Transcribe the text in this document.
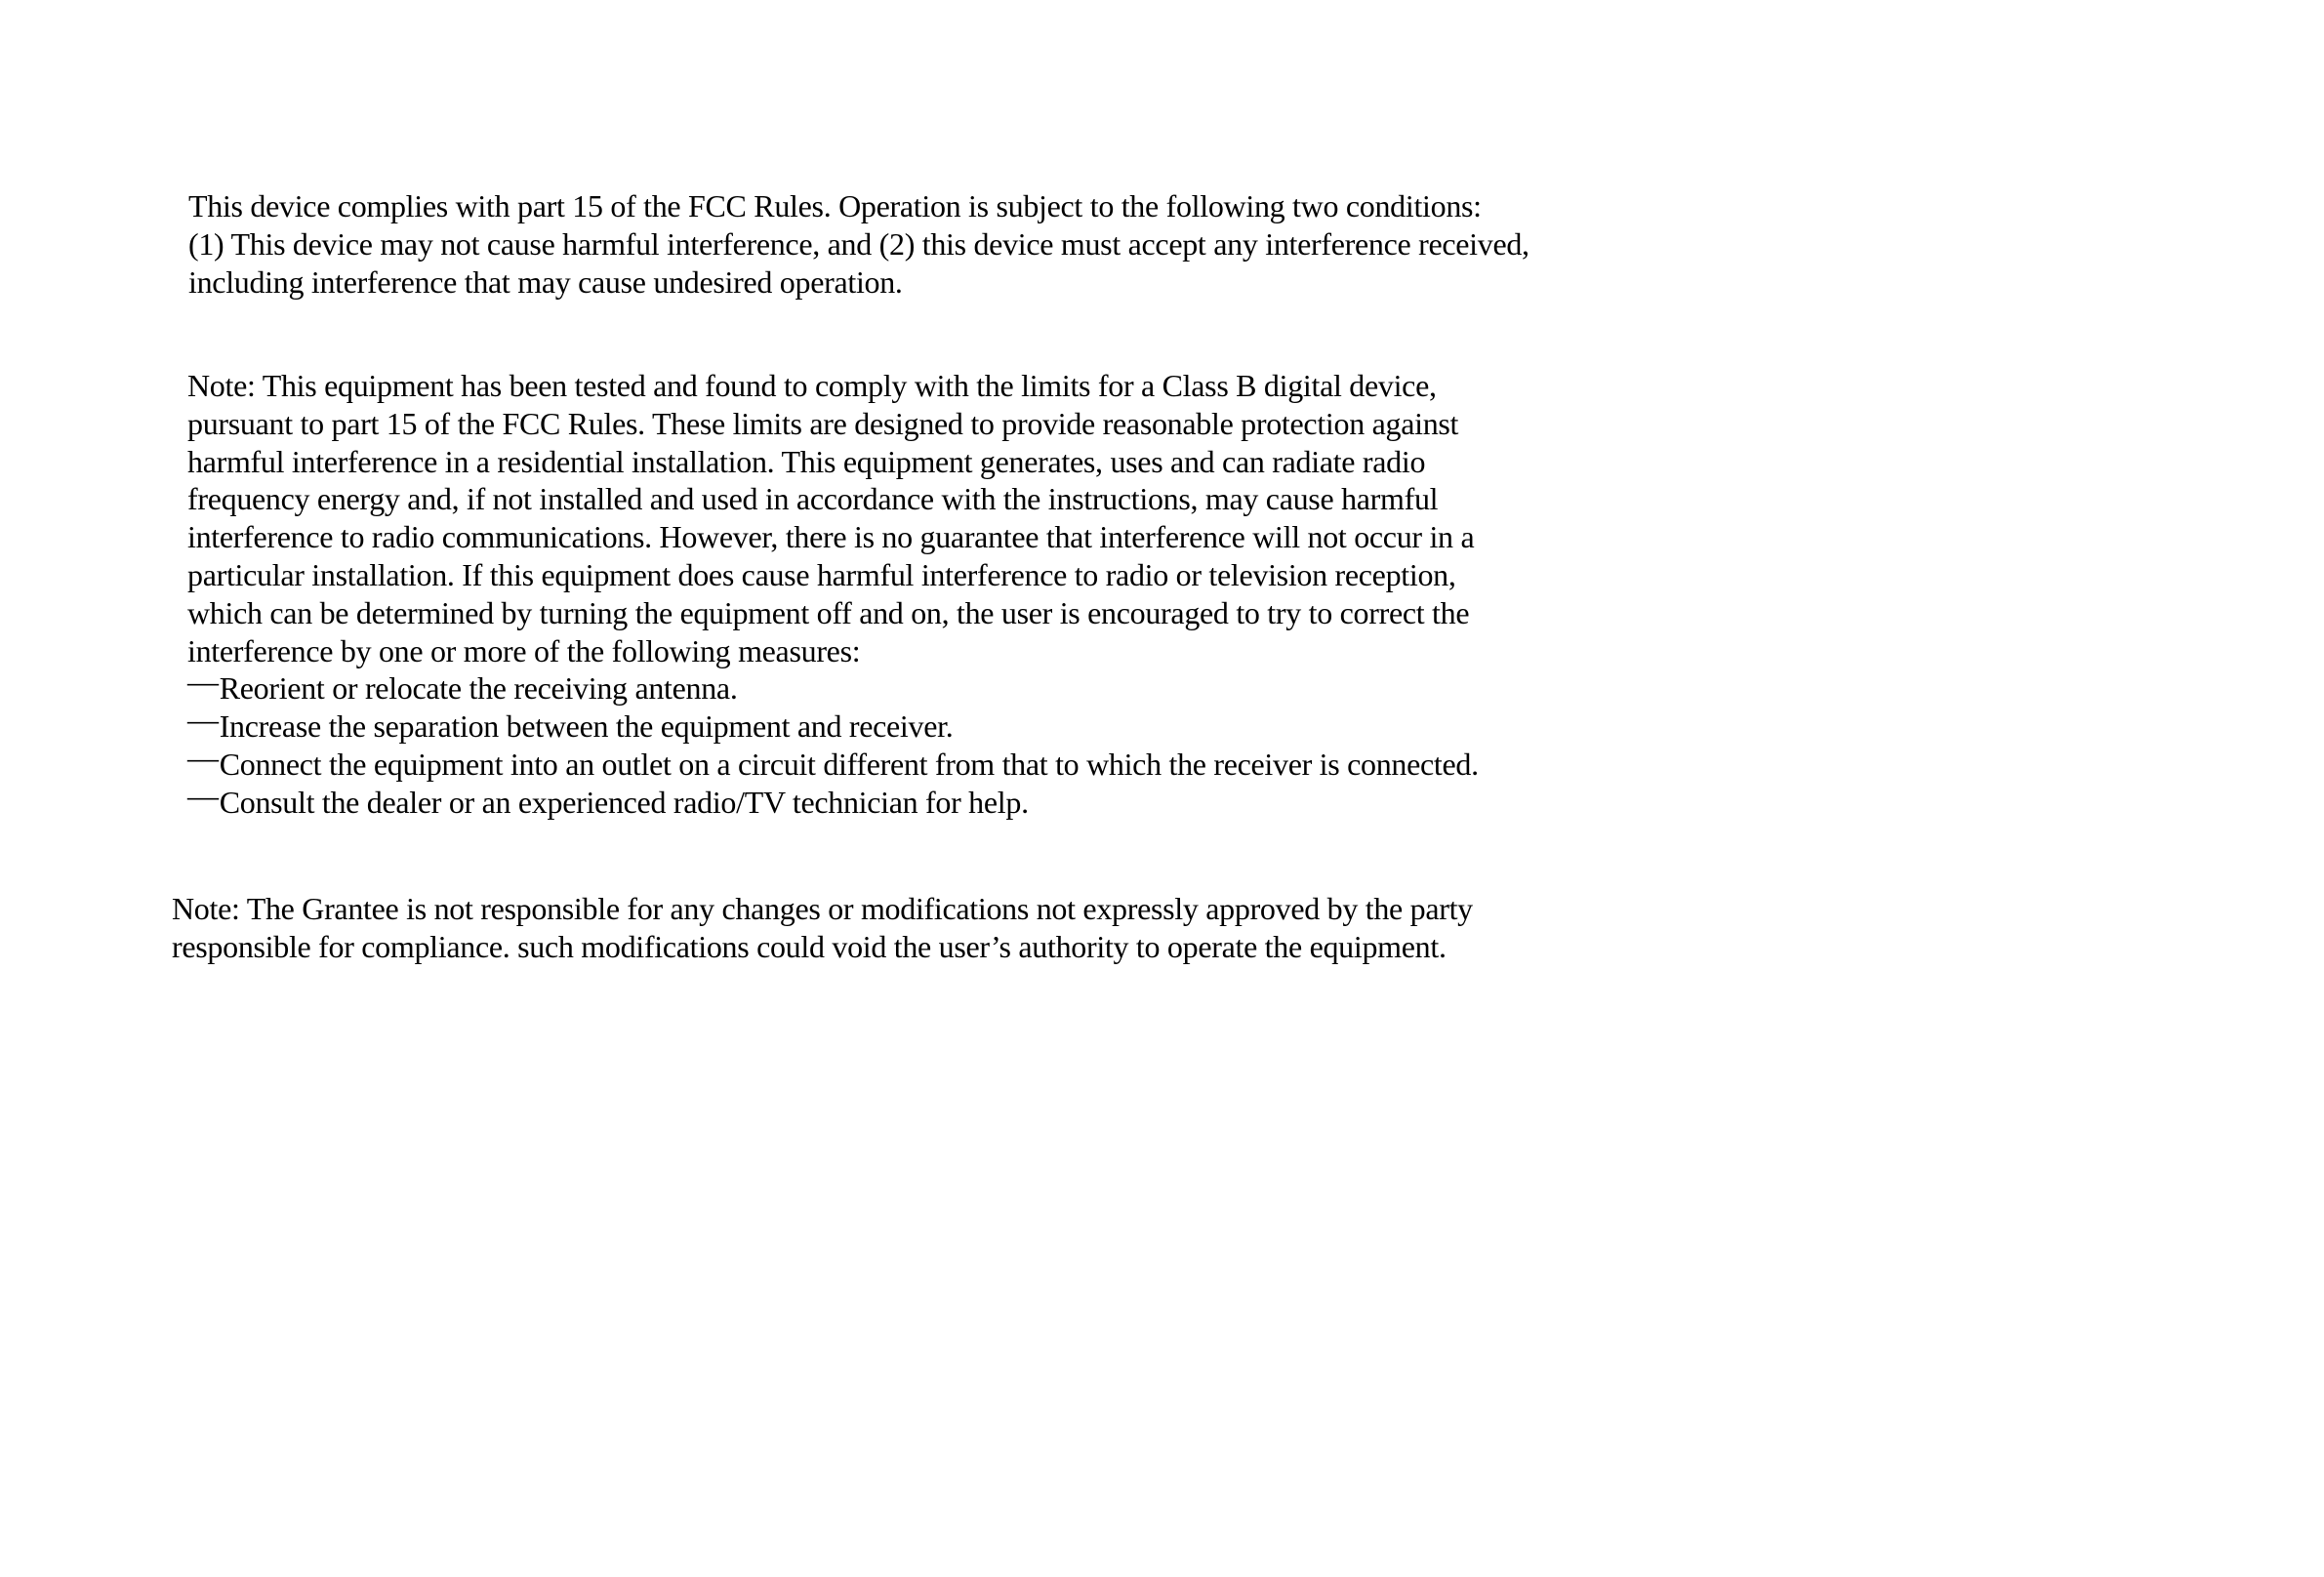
This device complies with part 15 of the FCC Rules. Operation is subject to the following two conditions:
(1) This device may not cause harmful interference, and (2) this device must accept any interference received,
including interference that may cause undesired operation.
Note: This equipment has been tested and found to comply with the limits for a Class B digital device,
pursuant to part 15 of the FCC Rules. These limits are designed to provide reasonable protection against
harmful interference in a residential installation. This equipment generates, uses and can radiate radio
frequency energy and, if not installed and used in accordance with the instructions, may cause harmful
interference to radio communications. However, there is no guarantee that interference will not occur in a
particular installation. If this equipment does cause harmful interference to radio or television reception,
which can be determined by turning the equipment off and on, the user is encouraged to try to correct the
interference by one or more of the following measures:
—Reorient or relocate the receiving antenna.
—Increase the separation between the equipment and receiver.
—Connect the equipment into an outlet on a circuit different from that to which the receiver is connected.
—Consult the dealer or an experienced radio/TV technician for help.
Note: The Grantee is not responsible for any changes or modifications not expressly approved by the party
responsible for compliance. such modifications could void the user’s authority to operate the equipment.
